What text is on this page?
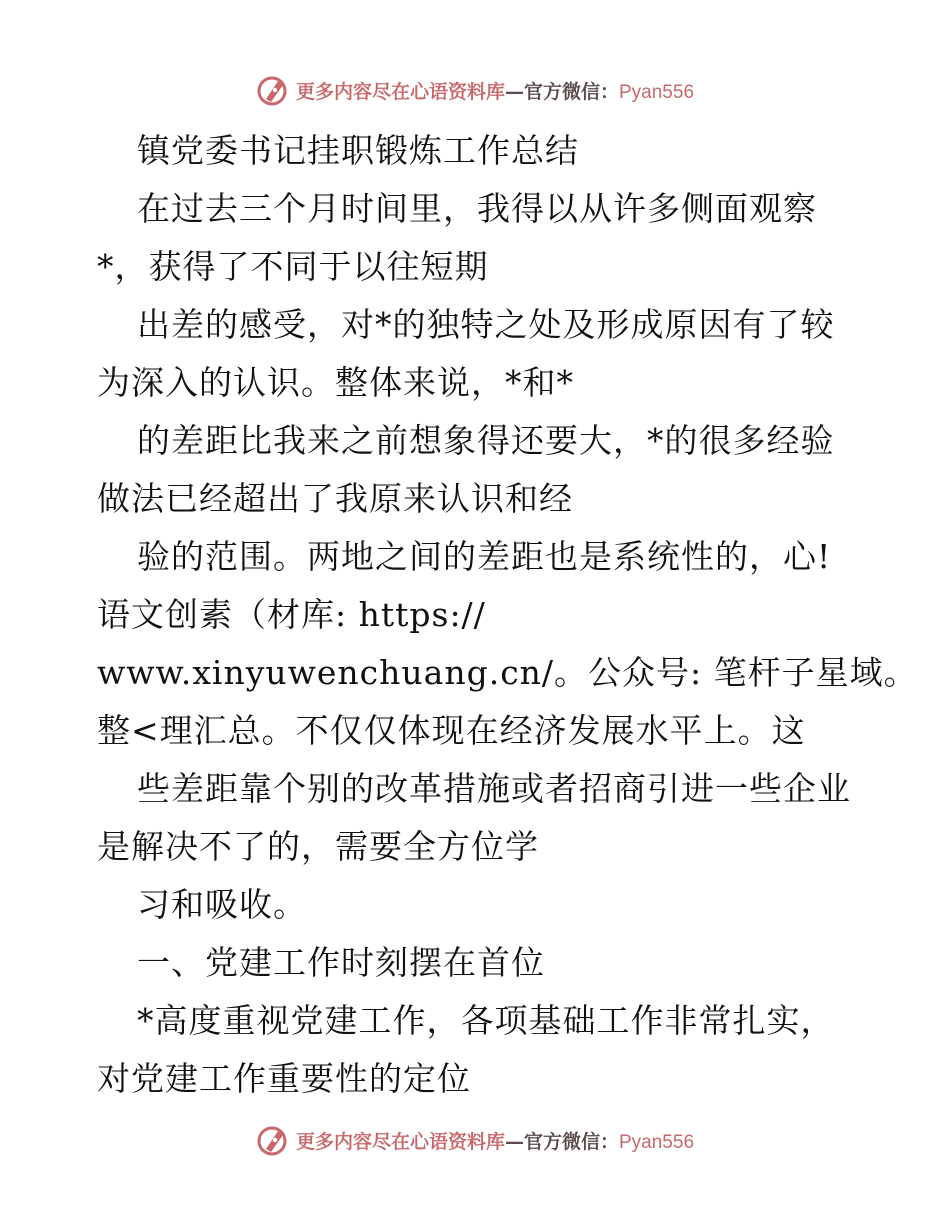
更多内容尽在心语资料库—官方微信：Pyan556
镇党委书记挂职锻炼工作总结
在过去三个月时间里，我得以从许多侧面观察
*，获得了不同于以往短期
出差的感受，对*的独特之处及形成原因有了较
为深入的认识。整体来说，*和*
的差距比我来之前想象得还要大，*的很多经验
做法已经超出了我原来认识和经
验的范围。两地之间的差距也是系统性的，心!
语文创素（材库: https://
www.xinyuwenchuang.cn/。公众号: 笔杆子星域。
整<理汇总。不仅仅体现在经济发展水平上。这
些差距靠个别的改革措施或者招商引进一些企业
是解决不了的，需要全方位学
习和吸收。
一、党建工作时刻摆在首位
*高度重视党建工作，各项基础工作非常扎实，
对党建工作重要性的定位
更多内容尽在心语资料库—官方微信：Pyan556
